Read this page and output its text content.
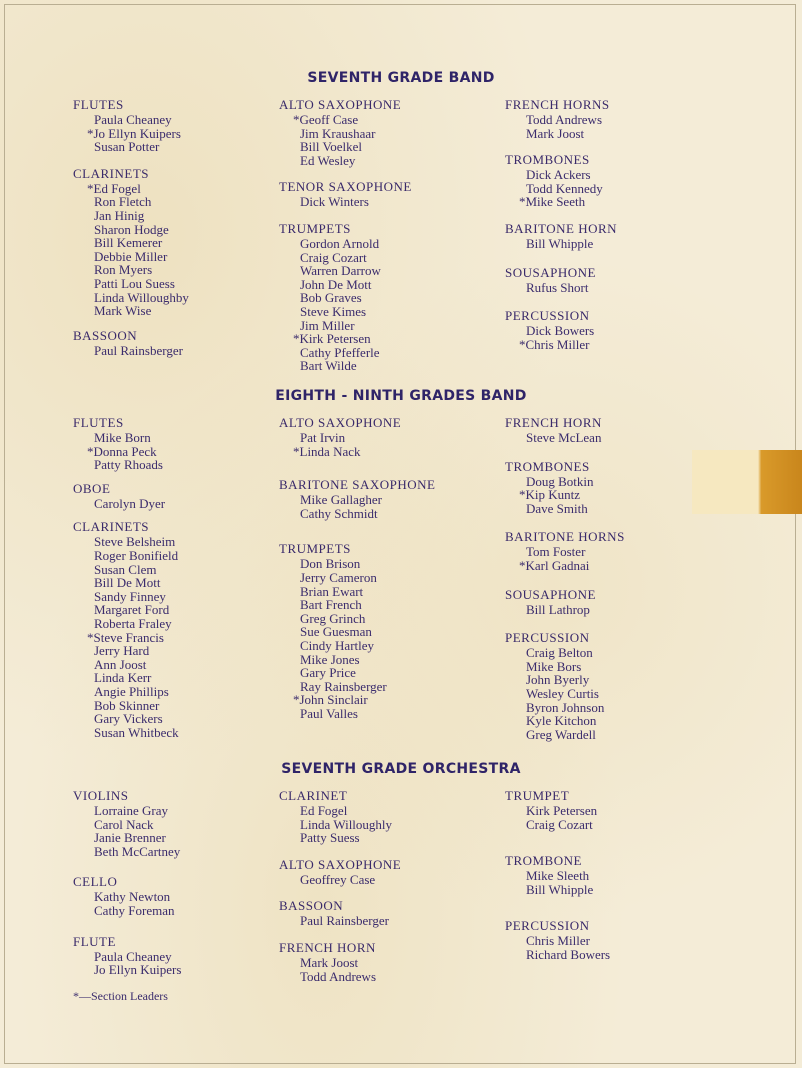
SEVENTH GRADE BAND
FLUTES
Paula Cheaney
*Jo Ellyn Kuipers
Susan Potter
CLARINETS
*Ed Fogel
Ron Fletch
Jan Hinig
Sharon Hodge
Bill Kemerer
Debbie Miller
Ron Myers
Patti Lou Suess
Linda Willoughby
Mark Wise
BASSOON
Paul Rainsberger
ALTO SAXOPHONE
*Geoff Case
Jim Kraushaar
Bill Voelkel
Ed Wesley
TENOR SAXOPHONE
Dick Winters
TRUMPETS
Gordon Arnold
Craig Cozart
Warren Darrow
John De Mott
Bob Graves
Steve Kimes
Jim Miller
*Kirk Petersen
Cathy Pfefferle
Bart Wilde
FRENCH HORNS
Todd Andrews
Mark Joost
TROMBONES
Dick Ackers
Todd Kennedy
*Mike Seeth
BARITONE HORN
Bill Whipple
SOUSAPHONE
Rufus Short
PERCUSSION
Dick Bowers
*Chris Miller
EIGHTH - NINTH GRADES BAND
FLUTES
Mike Born
*Donna Peck
Patty Rhoads
OBOE
Carolyn Dyer
CLARINETS
Steve Belsheim
Roger Bonifield
Susan Clem
Bill De Mott
Sandy Finney
Margaret Ford
Roberta Fraley
*Steve Francis
Jerry Hard
Ann Joost
Linda Kerr
Angie Phillips
Bob Skinner
Gary Vickers
Susan Whitbeck
ALTO SAXOPHONE
Pat Irvin
*Linda Nack
BARITONE SAXOPHONE
Mike Gallagher
Cathy Schmidt
TRUMPETS
Don Brison
Jerry Cameron
Brian Ewart
Bart French
Greg Grinch
Sue Guesman
Cindy Hartley
Mike Jones
Gary Price
Ray Rainsberger
*John Sinclair
Paul Valles
FRENCH HORN
Steve McLean
TROMBONES
Doug Botkin
*Kip Kuntz
Dave Smith
BARITONE HORNS
Tom Foster
*Karl Gadnai
SOUSAPHONE
Bill Lathrop
PERCUSSION
Craig Belton
Mike Bors
John Byerly
Wesley Curtis
Byron Johnson
Kyle Kitchon
Greg Wardell
SEVENTH GRADE ORCHESTRA
VIOLINS
Lorraine Gray
Carol Nack
Janie Brenner
Beth McCartney
CELLO
Kathy Newton
Cathy Foreman
FLUTE
Paula Cheaney
Jo Ellyn Kuipers
CLARINET
Ed Fogel
Linda Willoughly
Patty Suess
ALTO SAXOPHONE
Geoffrey Case
BASSOON
Paul Rainsberger
FRENCH HORN
Mark Joost
Todd Andrews
TRUMPET
Kirk Petersen
Craig Cozart
TROMBONE
Mike Sleeth
Bill Whipple
PERCUSSION
Chris Miller
Richard Bowers
*—Section Leaders
